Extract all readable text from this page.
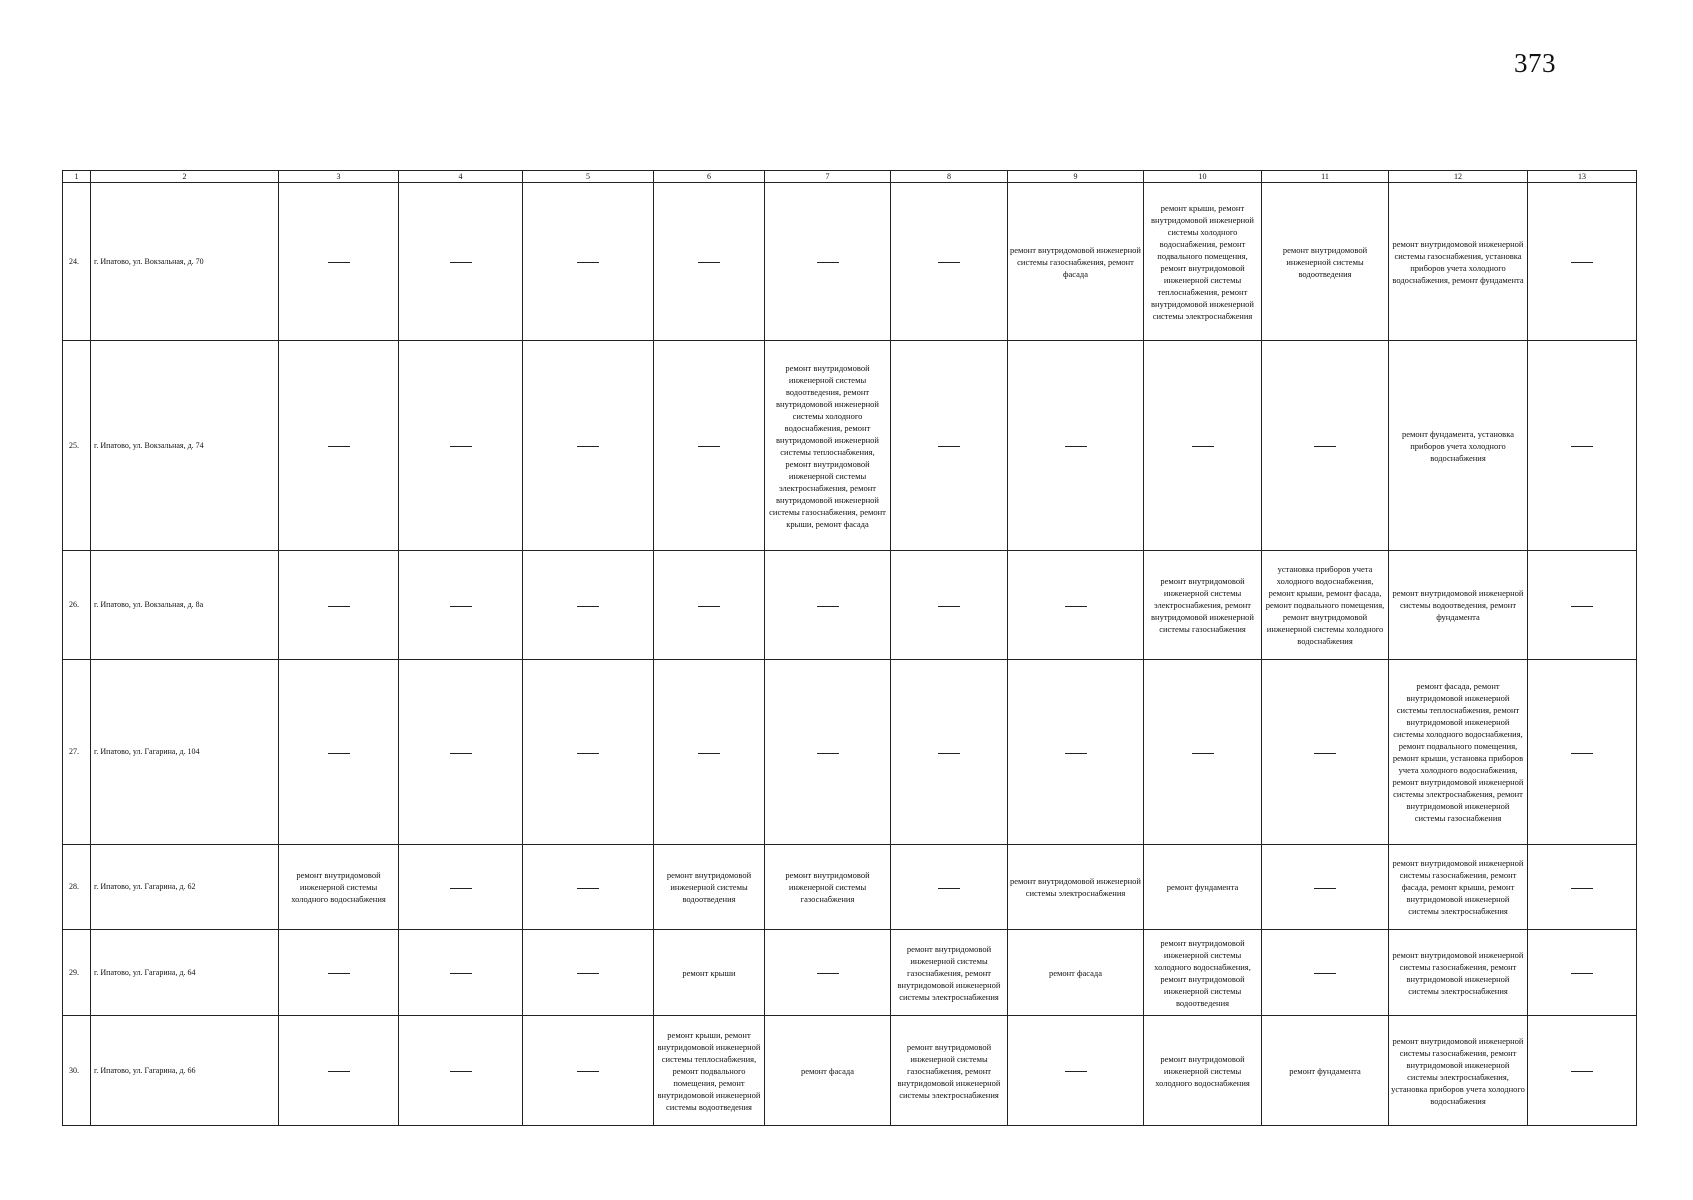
373
1	2	3	4	5	6	7	8	9	10	11	12	13
24.	г. Ипатово, ул. Вокзальная, д. 70							ремонт внутридомовой инженерной системы газоснабжения, ремонт фасада	ремонт крыши, ремонт внутридомовой инженерной системы холодного водоснабжения, ремонт подвального помещения, ремонт внутридомовой инженерной системы теплоснабжения, ремонт внутридомовой инженерной системы электроснабжения	ремонт внутридомовой инженерной системы водоотведения	ремонт внутридомовой инженерной системы газоснабжения, установка приборов учета холодного водоснабжения, ремонт фундамента	

25.	г. Ипатово, ул. Вокзальная, д. 74					ремонт внутридомовой инженерной системы водоотведения, ремонт внутридомовой инженерной системы холодного водоснабжения, ремонт внутридомовой инженерной системы теплоснабжения, ремонт внутридомовой инженерной системы электроснабжения, ремонт внутридомовой инженерной системы газоснабжения, ремонт крыши, ремонт фасада					ремонт фундамента, установка приборов учета холодного водоснабжения	

26.	г. Ипатово, ул. Вокзальная, д. 8а								ремонт внутридомовой инженерной системы электроснабжения, ремонт внутридомовой инженерной системы газоснабжения	установка приборов учета холодного водоснабжения, ремонт крыши, ремонт фасада, ремонт подвального помещения, ремонт внутридомовой инженерной системы холодного водоснабжения	ремонт внутридомовой инженерной системы водоотведения, ремонт фундамента	

27.	г. Ипатово, ул. Гагарина, д. 104										ремонт фасада, ремонт внутридомовой инженерной системы теплоснабжения, ремонт внутридомовой инженерной системы холодного водоснабжения, ремонт подвального помещения, ремонт крыши, установка приборов учета холодного водоснабжения, ремонт внутридомовой инженерной системы электроснабжения, ремонт внутридомовой инженерной системы газоснабжения	

28.	г. Ипатово, ул. Гагарина, д. 62	ремонт внутридомовой инженерной системы холодного водоснабжения			ремонт внутридомовой инженерной системы водоотведения	ремонт внутридомовой инженерной системы газоснабжения		ремонт внутридомовой инженерной системы электроснабжения	ремонт фундамента		ремонт внутридомовой инженерной системы газоснабжения, ремонт фасада, ремонт крыши, ремонт внутридомовой инженерной системы электроснабжения	

29.	г. Ипатово, ул. Гагарина, д. 64				ремонт крыши		ремонт внутридомовой инженерной системы газоснабжения, ремонт внутридомовой инженерной системы электроснабжения	ремонт фасада	ремонт внутридомовой инженерной системы холодного водоснабжения, ремонт внутридомовой инженерной системы водоотведения		ремонт внутридомовой инженерной системы газоснабжения, ремонт внутридомовой инженерной системы электроснабжения	

30.	г. Ипатово, ул. Гагарина, д. 66				ремонт крыши, ремонт внутридомовой инженерной системы теплоснабжения, ремонт подвального помещения, ремонт внутридомовой инженерной системы водоотведения	ремонт фасада	ремонт внутридомовой инженерной системы газоснабжения, ремонт внутридомовой инженерной системы электроснабжения		ремонт внутридомовой инженерной системы холодного водоснабжения	ремонт фундамента	ремонт внутридомовой инженерной системы газоснабжения, ремонт внутридомовой инженерной системы электроснабжения, установка приборов учета холодного водоснабжения	
